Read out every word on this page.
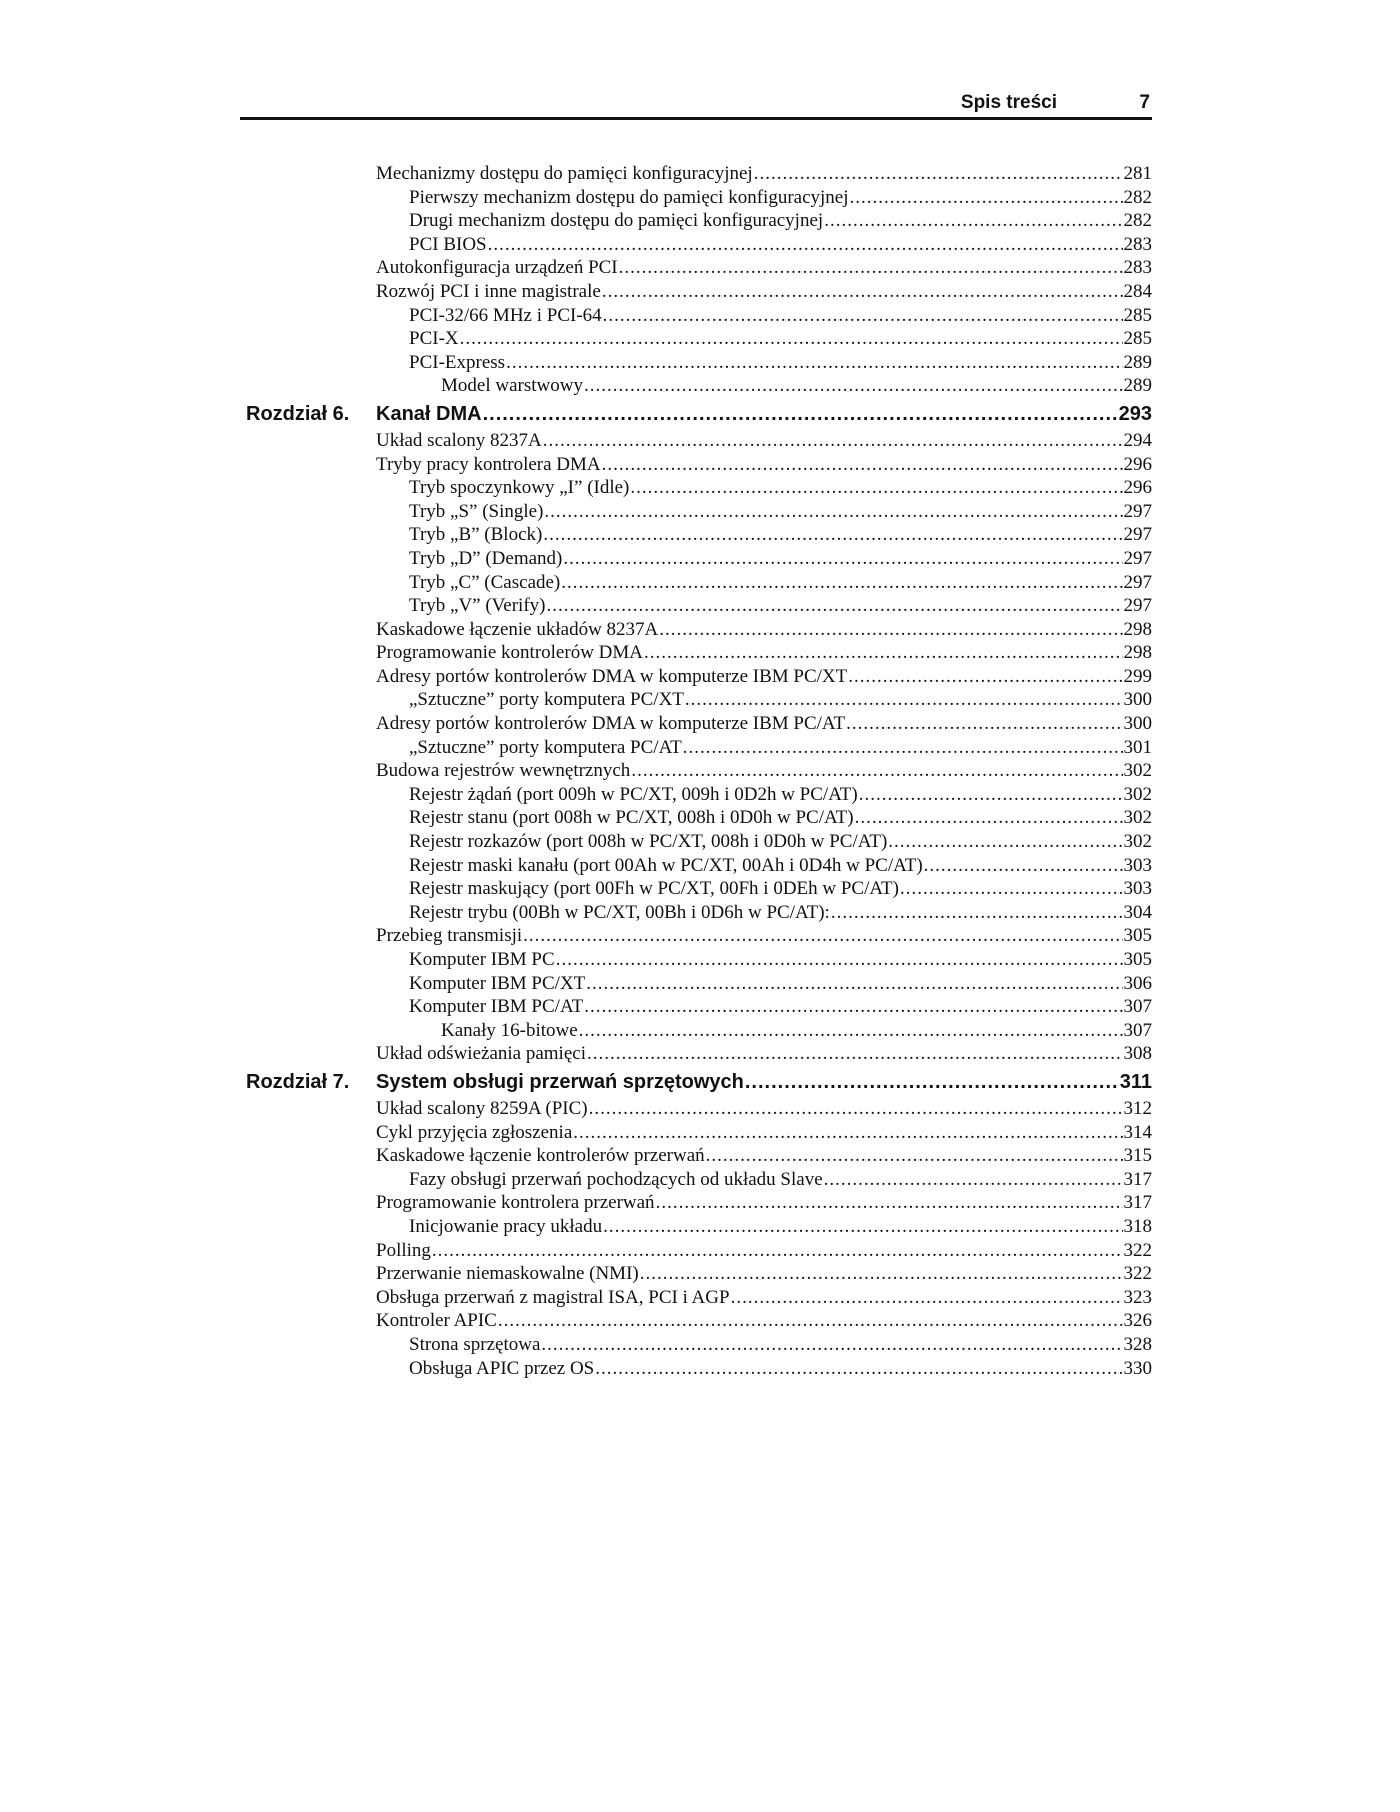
Spis treści	7
Mechanizmy dostępu do pamięci konfiguracyjnej .....	281
Pierwszy mechanizm dostępu do pamięci konfiguracyjnej .....	282
Drugi mechanizm dostępu do pamięci konfiguracyjnej .....	282
PCI BIOS .....	283
Autokonfiguracja urządzeń PCI .....	283
Rozwój PCI i inne magistrale .....	284
PCI-32/66 MHz i PCI-64 .....	285
PCI-X .....	285
PCI-Express .....	289
Model warstwowy .....	289
Rozdział 6. Kanał DMA .....	293
Układ scalony 8237A .....	294
Tryby pracy kontrolera DMA .....	296
Tryb spoczynkowy „I” (Idle) .....	296
Tryb „S” (Single) .....	297
Tryb „B” (Block) .....	297
Tryb „D” (Demand) .....	297
Tryb „C” (Cascade) .....	297
Tryb „V” (Verify) .....	297
Kaskadowe łączenie układów 8237A .....	298
Programowanie kontrolerów DMA .....	298
Adresy portów kontrolerów DMA w komputerze IBM PC/XT .....	299
„Sztuczne” porty komputera PC/XT .....	300
Adresy portów kontrolerów DMA w komputerze IBM PC/AT .....	300
„Sztuczne” porty komputera PC/AT .....	301
Budowa rejestrów wewnętrznych .....	302
Rejestr żądań (port 009h w PC/XT, 009h i 0D2h w PC/AT) .....	302
Rejestr stanu (port 008h w PC/XT, 008h i 0D0h w PC/AT) .....	302
Rejestr rozkazów (port 008h w PC/XT, 008h i 0D0h w PC/AT) .....	302
Rejestr maski kanału (port 00Ah w PC/XT, 00Ah i 0D4h w PC/AT) .....	303
Rejestr maskujący (port 00Fh w PC/XT, 00Fh i 0DEh w PC/AT) .....	303
Rejestr trybu (00Bh w PC/XT, 00Bh i 0D6h w PC/AT): .....	304
Przebieg transmisji .....	305
Komputer IBM PC .....	305
Komputer IBM PC/XT .....	306
Komputer IBM PC/AT .....	307
Kanały 16-bitowe .....	307
Układ odświeżania pamięci .....	308
Rozdział 7. System obsługi przerwań sprzętowych .....	311
Układ scalony 8259A (PIC) .....	312
Cykl przyjęcia zgłoszenia .....	314
Kaskadowe łączenie kontrolerów przerwań .....	315
Fazy obsługi przerwań pochodzących od układu Slave .....	317
Programowanie kontrolera przerwań .....	317
Inicjowanie pracy układu .....	318
Polling .....	322
Przerwanie niemaskowalne (NMI) .....	322
Obsługa przerwań z magistral ISA, PCI i AGP .....	323
Kontroler APIC .....	326
Strona sprzętowa .....	328
Obsługa APIC przez OS .....	330
